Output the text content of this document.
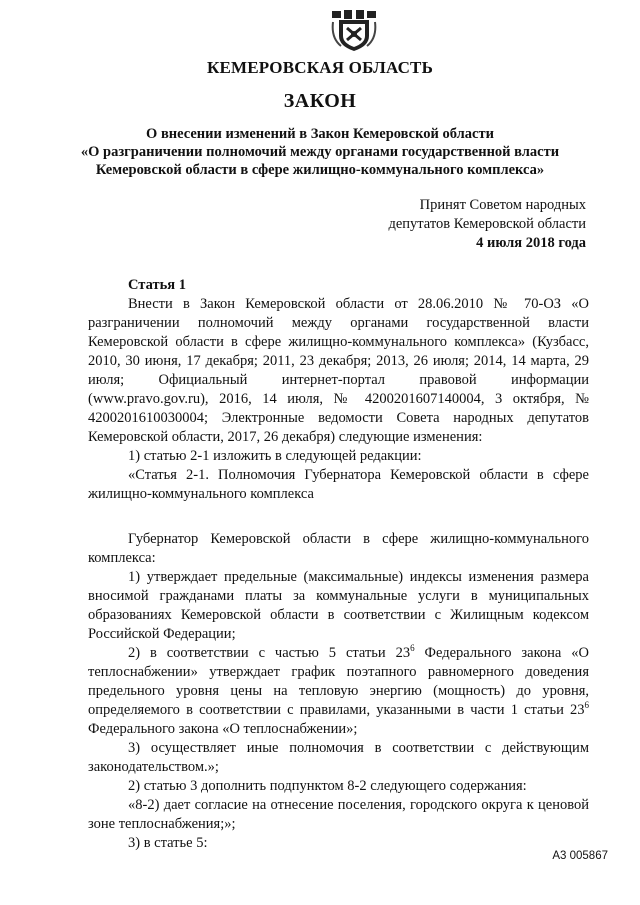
КЕМЕРОВСКАЯ ОБЛАСТЬ
ЗАКОН
О внесении изменений в Закон Кемеровской области
«О разграничении полномочий между органами государственной власти
Кемеровской области в сфере жилищно-коммунального комплекса»
Принят Советом народных
депутатов Кемеровской области
4 июля 2018 года

Статья 1

Внести в Закон Кемеровской области от 28.06.2010 № 70-ОЗ «О разграничении полномочий между органами государственной власти Кемеровской области в сфере жилищно-коммунального комплекса» (Кузбасс, 2010, 30 июня, 17 декабря; 2011, 23 декабря; 2013, 26 июля; 2014, 14 марта, 29 июля; Официальный интернет-портал правовой информации (www.pravo.gov.ru), 2016, 14 июля, № 4200201607140004, 3 октября, № 4200201610030004; Электронные ведомости Совета народных депутатов Кемеровской области, 2017, 26 декабря) следующие изменения:

1) статью 2-1 изложить в следующей редакции:

«Статья 2-1. Полномочия Губернатора Кемеровской области в сфере жилищно-коммунального комплекса

Губернатор Кемеровской области в сфере жилищно-коммунального комплекса:

1) утверждает предельные (максимальные) индексы изменения размера вносимой гражданами платы за коммунальные услуги в муниципальных образованиях Кемеровской области в соответствии с Жилищным кодексом Российской Федерации;

2) в соответствии с частью 5 статьи $23^6$ Федерального закона «О теплоснабжении» утверждает график поэтапного равномерного доведения предельного уровня цены на тепловую энергию (мощность) до уровня, определяемого в соответствии с правилами, указанными в части 1 статьи $23^6$ Федерального закона «О теплоснабжении»;

3) осуществляет иные полномочия в соответствии с действующим законодательством.»;

2) статью 3 дополнить подпунктом 8-2 следующего содержания:

«8-2) дает согласие на отнесение поселения, городского округа к ценовой зоне теплоснабжения;»;

3) в статье 5:

А3 005867
